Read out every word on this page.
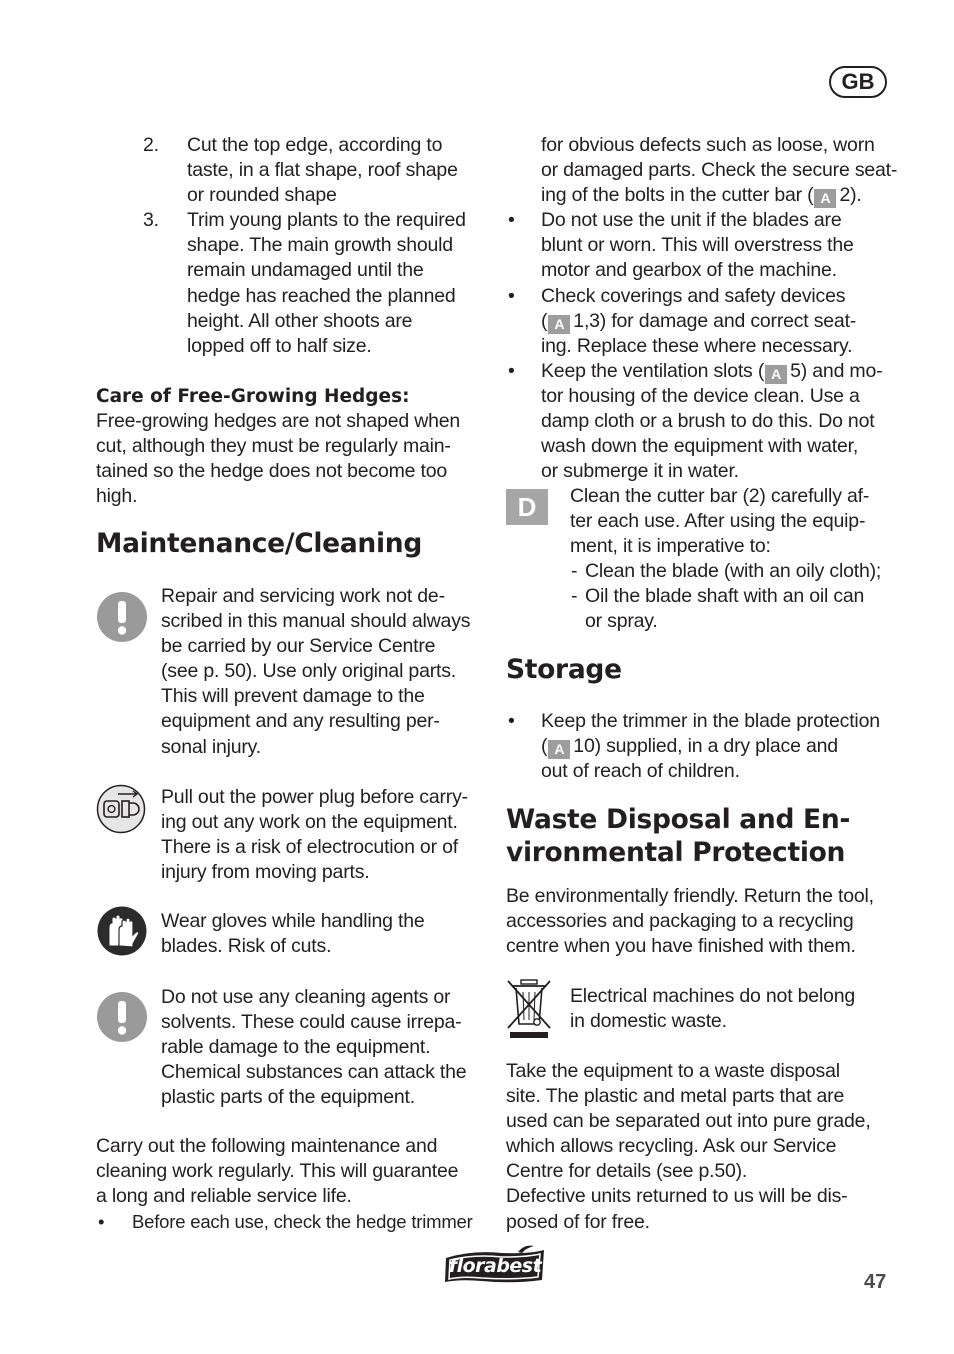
GB
2. Cut the top edge, according to
taste, in a flat shape, roof shape
or rounded shape
3. Trim young plants to the required
shape. The main growth should
remain undamaged until the
hedge has reached the planned
height. All other shoots are
lopped off to half size.
Care of Free-Growing Hedges:
Free-growing hedges are not shaped when
cut, although they must be regularly main-
tained so the hedge does not become too
high.
Maintenance/Cleaning
Repair and servicing work not de-
scribed in this manual should always
be carried by our Service Centre
(see p. 50). Use only original parts.
This will prevent damage to the
equipment and any resulting per-
sonal injury.
Pull out the power plug before carry-
ing out any work on the equipment.
There is a risk of electrocution or of
injury from moving parts.
Wear gloves while handling the
blades. Risk of cuts.
Do not use any cleaning agents or
solvents. These could cause irrepa-
rable damage to the equipment.
Chemical substances can attack the
plastic parts of the equipment.
Carry out the following maintenance and
cleaning work regularly. This will guarantee
a long and reliable service life.
• Before each use, check the hedge trimmer
for obvious defects such as loose, worn
or damaged parts. Check the secure seat-
ing of the bolts in the cutter bar ( A 2).
• Do not use the unit if the blades are
blunt or worn. This will overstress the
motor and gearbox of the machine.
• Check coverings and safety devices
( A 1,3) for damage and correct seat-
ing. Replace these where necessary.
• Keep the ventilation slots ( A 5) and mo-
tor housing of the device clean. Use a
damp cloth or a brush to do this. Do not
wash down the equipment with water,
or submerge it in water.
D	Clean the cutter bar (2) carefully af-
ter each use. After using the equip-
ment, it is imperative to:
- Clean the blade (with an oily cloth);
- Oil the blade shaft with an oil can
or spray.
Storage
• Keep the trimmer in the blade protection
( A 10) supplied, in a dry place and
out of reach of children.
Waste Disposal and En-
vironmental Protection
Be environmentally friendly. Return the tool,
accessories and packaging to a recycling
centre when you have finished with them.
Electrical machines do not belong
in domestic waste.
Take the equipment to a waste disposal
site. The plastic and metal parts that are
used can be separated out into pure grade,
which allows recycling. Ask our Service
Centre for details (see p.50).
Defective units returned to us will be dis-
posed of for free.
florabest
47
